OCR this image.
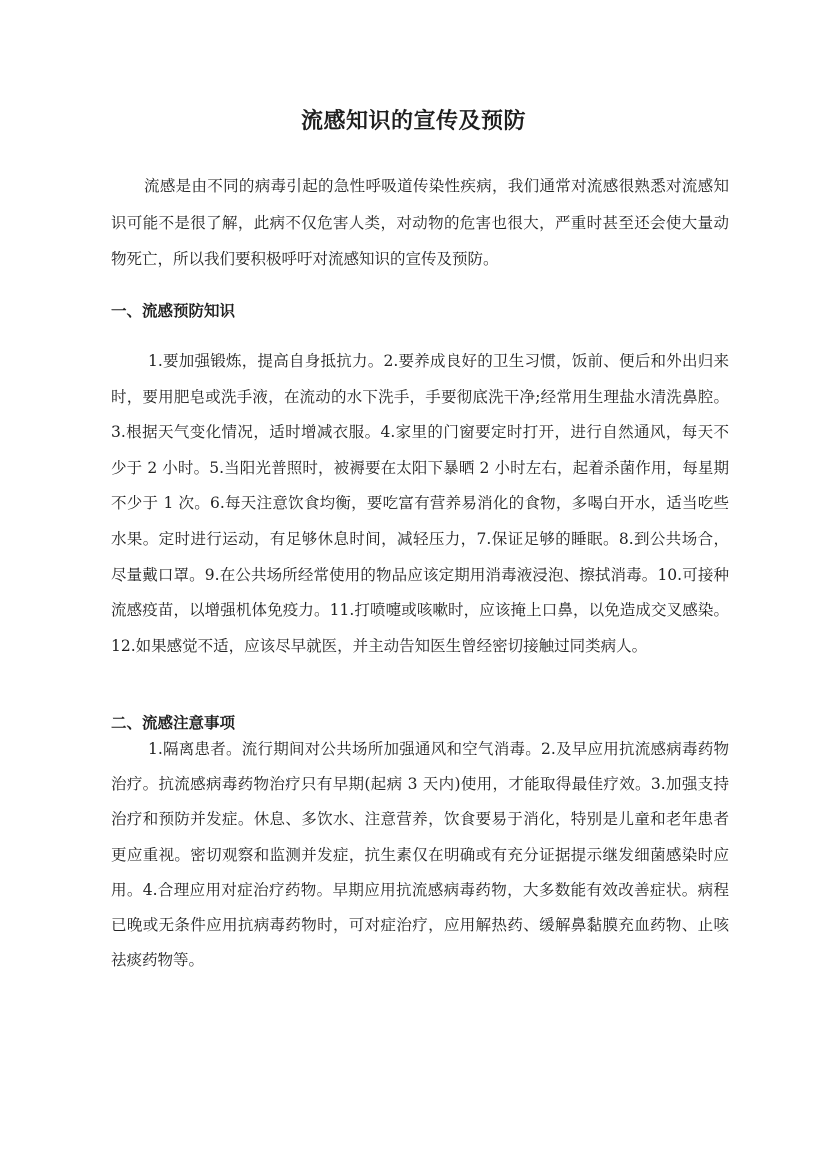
流感知识的宣传及预防
流感是由不同的病毒引起的急性呼吸道传染性疾病，我们通常对流感很熟悉对流感知识可能不是很了解，此病不仅危害人类，对动物的危害也很大，严重时甚至还会使大量动物死亡，所以我们要积极呼吁对流感知识的宣传及预防。
一、流感预防知识
1.要加强锻炼，提高自身抵抗力。2.要养成良好的卫生习惯，饭前、便后和外出归来时，要用肥皂或洗手液，在流动的水下洗手，手要彻底洗干净;经常用生理盐水清洗鼻腔。3.根据天气变化情况，适时增减衣服。4.家里的门窗要定时打开，进行自然通风，每天不少于 2 小时。5.当阳光普照时，被褥要在太阳下暴晒 2 小时左右，起着杀菌作用，每星期不少于 1 次。6.每天注意饮食均衡，要吃富有营养易消化的食物，多喝白开水，适当吃些水果。定时进行运动，有足够休息时间，减轻压力，7.保证足够的睡眠。8.到公共场合，尽量戴口罩。9.在公共场所经常使用的物品应该定期用消毒液浸泡、擦拭消毒。10.可接种流感疫苗，以增强机体免疫力。11.打喷嚏或咳嗽时，应该掩上口鼻，以免造成交叉感染。12.如果感觉不适，应该尽早就医，并主动告知医生曾经密切接触过同类病人。
二、流感注意事项
1.隔离患者。流行期间对公共场所加强通风和空气消毒。2.及早应用抗流感病毒药物治疗。抗流感病毒药物治疗只有早期(起病 3 天内)使用，才能取得最佳疗效。3.加强支持治疗和预防并发症。休息、多饮水、注意营养，饮食要易于消化，特别是儿童和老年患者更应重视。密切观察和监测并发症，抗生素仅在明确或有充分证据提示继发细菌感染时应用。4.合理应用对症治疗药物。早期应用抗流感病毒药物，大多数能有效改善症状。病程已晚或无条件应用抗病毒药物时，可对症治疗，应用解热药、缓解鼻黏膜充血药物、止咳祛痰药物等。
